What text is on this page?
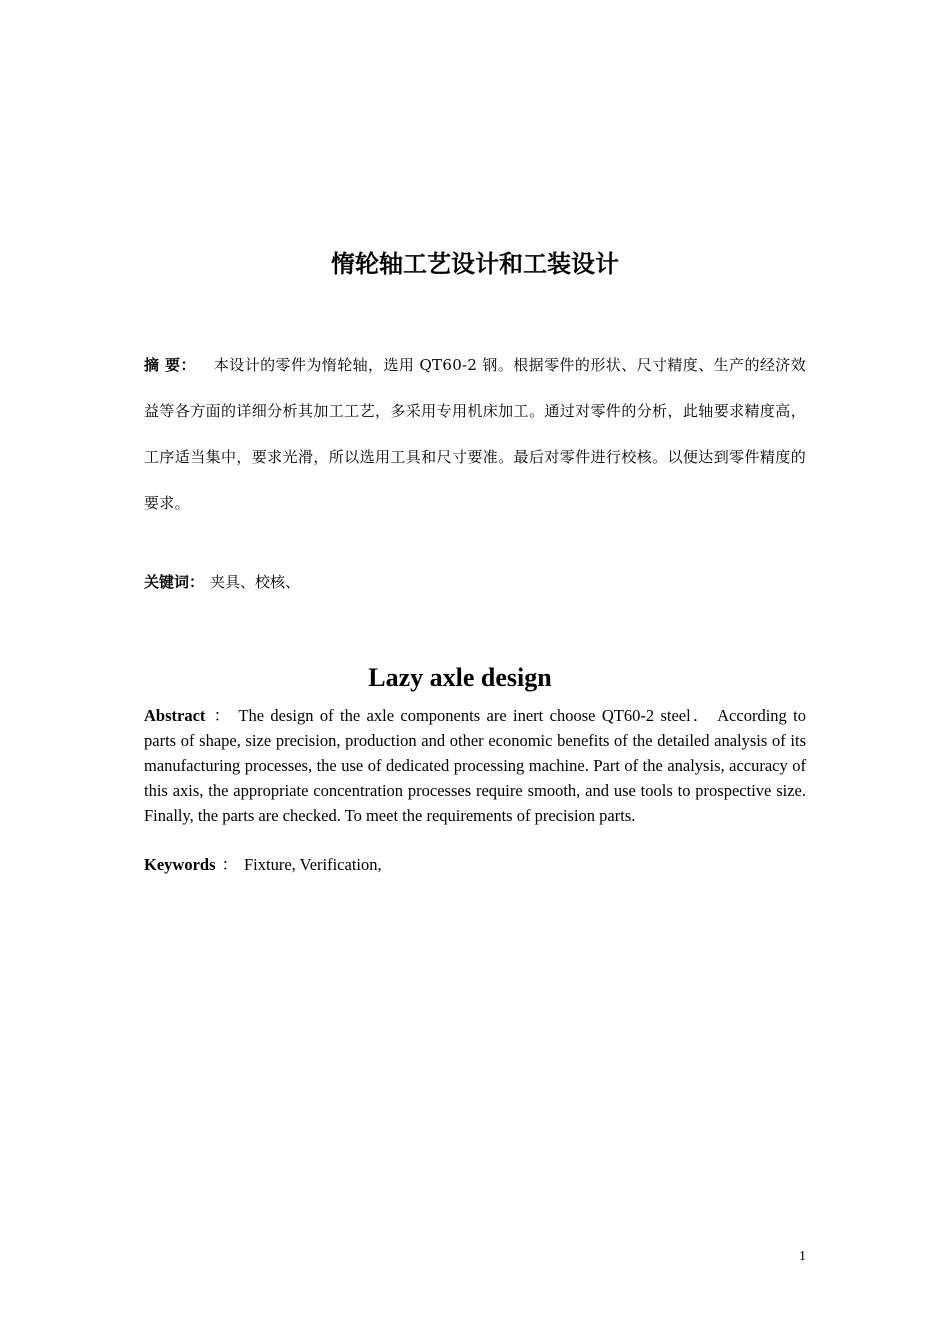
惰轮轴工艺设计和工装设计
摘 要： 本设计的零件为惰轮轴，选用 QT60-2 钢。根据零件的形状、尺寸精度、生产的经济效益等各方面的详细分析其加工工艺，多采用专用机床加工。通过对零件的分析，此轴要求精度高，工序适当集中，要求光滑，所以选用工具和尺寸要准。最后对零件进行校核。以便达到零件精度的要求。
关键词： 夹具、校核、
Lazy axle design
Abstract ： The design of the axle components are inert choose QT60-2 steel． According to parts of shape, size precision, production and other economic benefits of the detailed analysis of its manufacturing processes, the use of dedicated processing machine. Part of the analysis, accuracy of this axis, the appropriate concentration processes require smooth, and use tools to prospective size. Finally, the parts are checked. To meet the requirements of precision parts.
Keywords ： Fixture, Verification,
1
